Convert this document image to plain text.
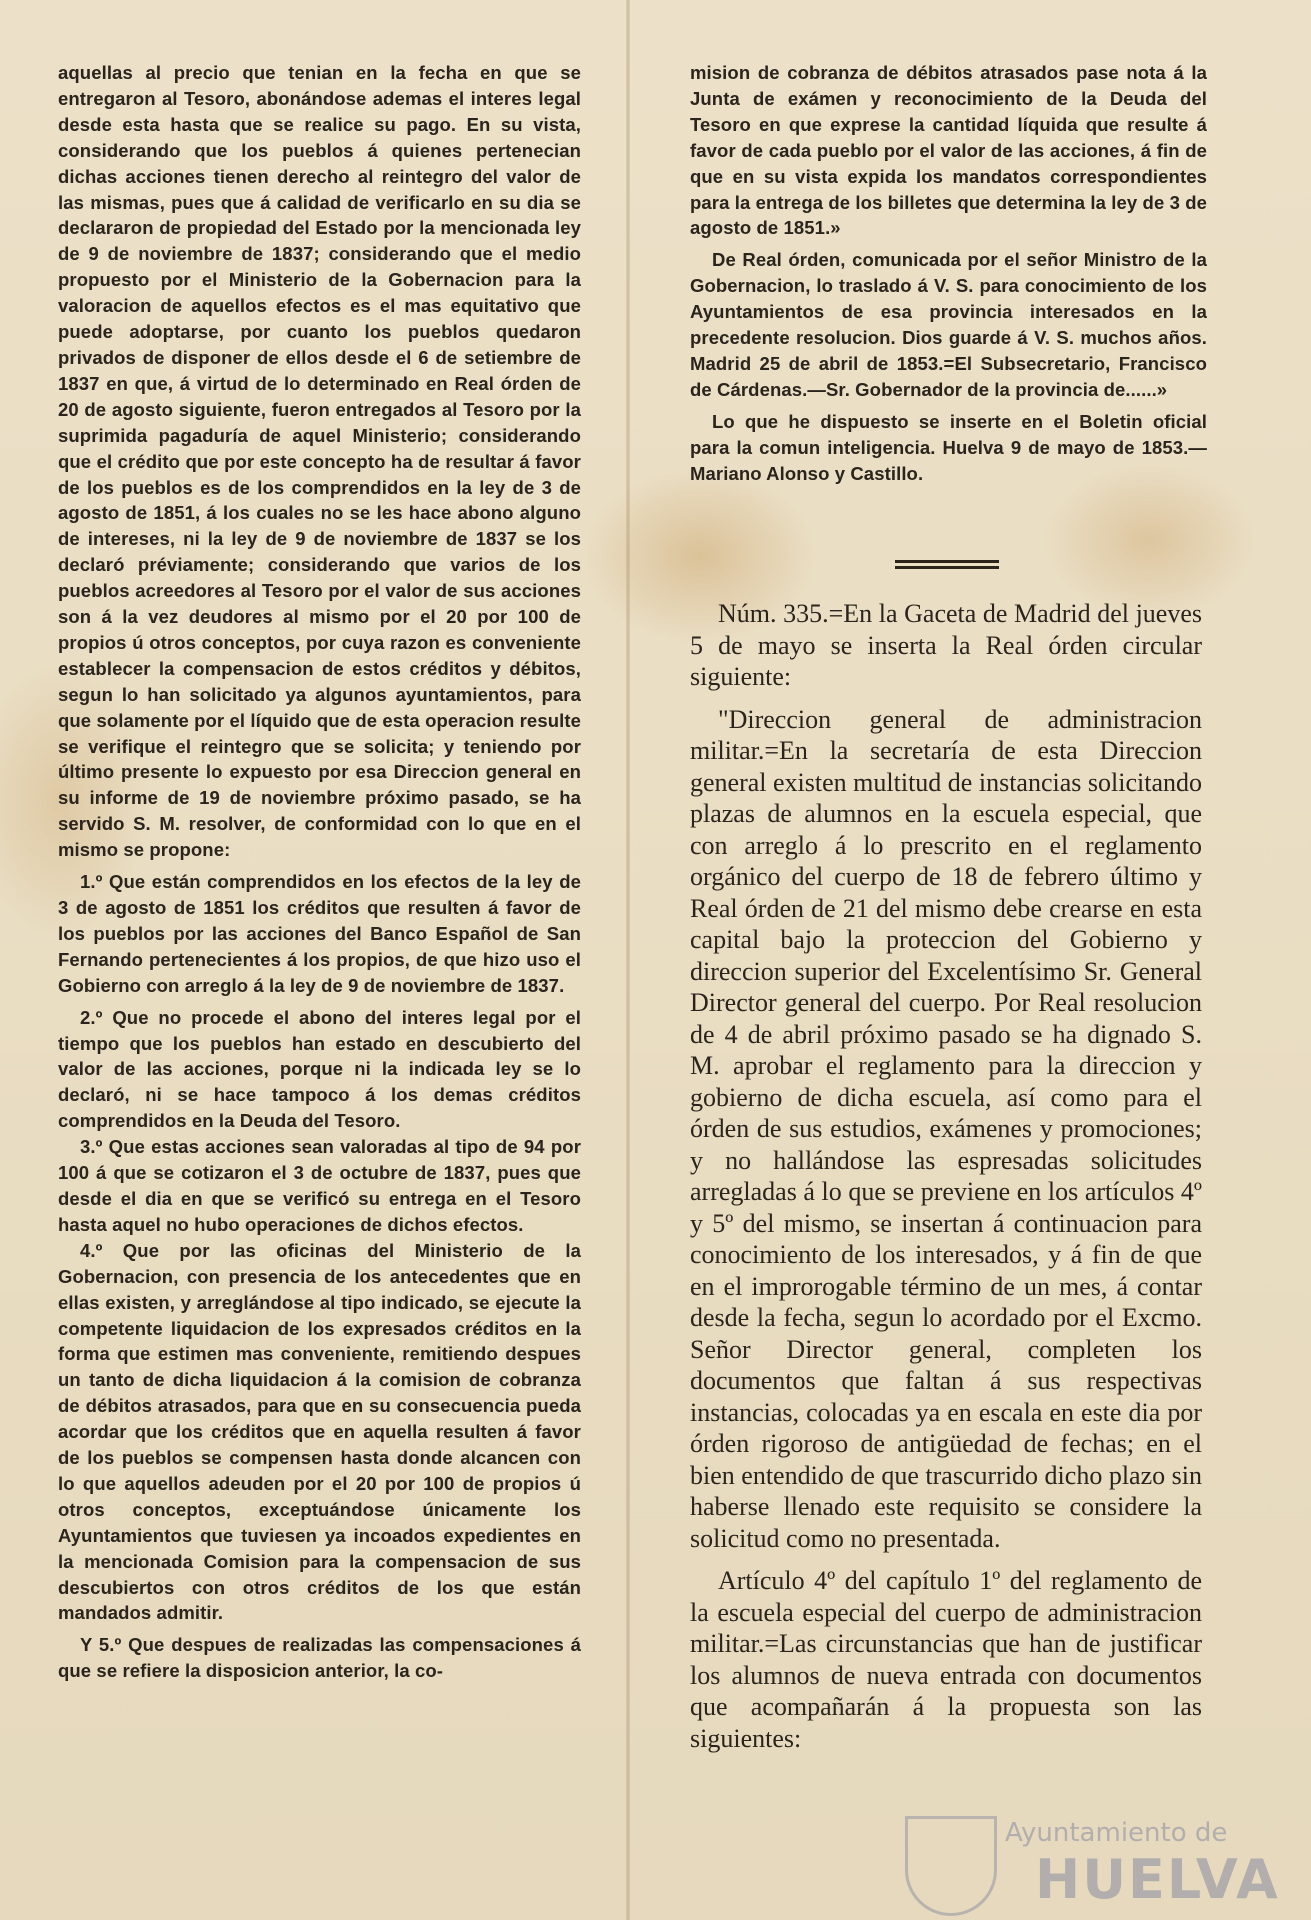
aquellas al precio que tenian en la fecha en que se entregaron al Tesoro, abonándose ademas el interes legal desde esta hasta que se realice su pago. En su vista, considerando que los pueblos á quienes pertenecian dichas acciones tienen derecho al reintegro del valor de las mismas, pues que á calidad de verificarlo en su dia se declararon de propiedad del Estado por la mencionada ley de 9 de noviembre de 1837; considerando que el medio propuesto por el Ministerio de la Gobernacion para la valoracion de aquellos efectos es el mas equitativo que puede adoptarse, por cuanto los pueblos quedaron privados de disponer de ellos desde el 6 de setiembre de 1837 en que, á virtud de lo determinado en Real órden de 20 de agosto siguiente, fueron entregados al Tesoro por la suprimida pagaduría de aquel Ministerio; considerando que el crédito que por este concepto ha de resultar á favor de los pueblos es de los comprendidos en la ley de 3 de agosto de 1851, á los cuales no se les hace abono alguno de intereses, ni la ley de 9 de noviembre de 1837 se los declaró préviamente; considerando que varios de los pueblos acreedores al Tesoro por el valor de sus acciones son á la vez deudores al mismo por el 20 por 100 de propios ú otros conceptos, por cuya razon es conveniente establecer la compensacion de estos créditos y débitos, segun lo han solicitado ya algunos ayuntamientos, para que solamente por el líquido que de esta operacion resulte se verifique el reintegro que se solicita; y teniendo por último presente lo expuesto por esa Direccion general en su informe de 19 de noviembre próximo pasado, se ha servido S. M. resolver, de conformidad con lo que en el mismo se propone:

1.º Que están comprendidos en los efectos de la ley de 3 de agosto de 1851 los créditos que resulten á favor de los pueblos por las acciones del Banco Español de San Fernando pertenecientes á los propios, de que hizo uso el Gobierno con arreglo á la ley de 9 de noviembre de 1837.

2.º Que no procede el abono del interes legal por el tiempo que los pueblos han estado en descubierto del valor de las acciones, porque ni la indicada ley se lo declaró, ni se hace tampoco á los demas créditos comprendidos en la Deuda del Tesoro.

3.º Que estas acciones sean valoradas al tipo de 94 por 100 á que se cotizaron el 3 de octubre de 1837, pues que desde el dia en que se verificó su entrega en el Tesoro hasta aquel no hubo operaciones de dichos efectos.

4.º Que por las oficinas del Ministerio de la Gobernacion, con presencia de los antecedentes que en ellas existen, y arreglándose al tipo indicado, se ejecute la competente liquidacion de los expresados créditos en la forma que estimen mas conveniente, remitiendo despues un tanto de dicha liquidacion á la comision de cobranza de débitos atrasados, para que en su consecuencia pueda acordar que los créditos que en aquella resulten á favor de los pueblos se compensen hasta donde alcancen con lo que aquellos adeuden por el 20 por 100 de propios ú otros conceptos, exceptuándose únicamente los Ayuntamientos que tuviesen ya incoados expedientes en la mencionada Comision para la compensacion de sus descubiertos con otros créditos de los que están mandados admitir.

Y 5.º Que despues de realizadas las compensaciones á que se refiere la disposicion anterior, la co-

mision de cobranza de débitos atrasados pase nota á la Junta de exámen y reconocimiento de la Deuda del Tesoro en que exprese la cantidad líquida que resulte á favor de cada pueblo por el valor de las acciones, á fin de que en su vista expida los mandatos correspondientes para la entrega de los billetes que determina la ley de 3 de agosto de 1851.»

De Real órden, comunicada por el señor Ministro de la Gobernacion, lo traslado á V. S. para conocimiento de los Ayuntamientos de esa provincia interesados en la precedente resolucion. Dios guarde á V. S. muchos años. Madrid 25 de abril de 1853.=El Subsecretario, Francisco de Cárdenas.—Sr. Gobernador de la provincia de......»

Lo que he dispuesto se inserte en el Boletin oficial para la comun inteligencia. Huelva 9 de mayo de 1853.—Mariano Alonso y Castillo.

Núm. 335.=En la Gaceta de Madrid del jueves 5 de mayo se inserta la Real órden circular siguiente:

"Direccion general de administracion militar.=En la secretaría de esta Direccion general existen multitud de instancias solicitando plazas de alumnos en la escuela especial, que con arreglo á lo prescrito en el reglamento orgánico del cuerpo de 18 de febrero último y Real órden de 21 del mismo debe crearse en esta capital bajo la proteccion del Gobierno y direccion superior del Excelentísimo Sr. General Director general del cuerpo. Por Real resolucion de 4 de abril próximo pasado se ha dignado S. M. aprobar el reglamento para la direccion y gobierno de dicha escuela, así como para el órden de sus estudios, exámenes y promociones; y no hallándose las espresadas solicitudes arregladas á lo que se previene en los artículos 4º y 5º del mismo, se insertan á continuacion para conocimiento de los interesados, y á fin de que en el improrogable término de un mes, á contar desde la fecha, segun lo acordado por el Excmo. Señor Director general, completen los documentos que faltan á sus respectivas instancias, colocadas ya en escala en este dia por órden rigoroso de antigüedad de fechas; en el bien entendido de que trascurrido dicho plazo sin haberse llenado este requisito se considere la solicitud como no presentada.

Artículo 4º del capítulo 1º del reglamento de la escuela especial del cuerpo de administracion militar.=Las circunstancias que han de justificar los alumnos de nueva entrada con documentos que acompañarán á la propuesta son las siguientes:

Ayuntamiento de
HUELVA
